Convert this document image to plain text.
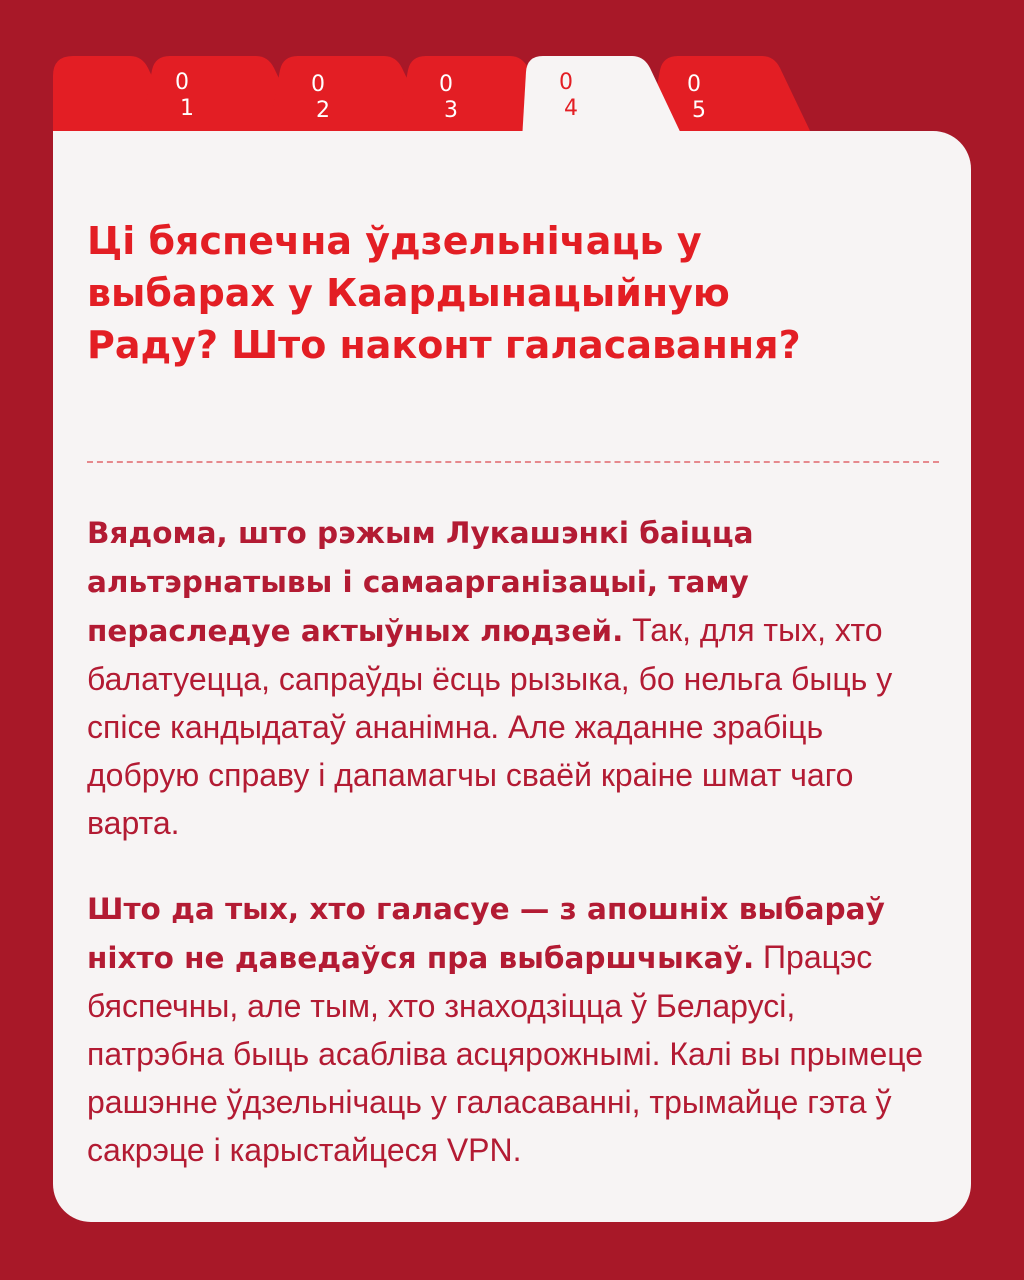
0
1
0
2
0
3
0
4
0
5
Ці бяспечна ўдзельнічаць у выбарах у Каардынацыйную Раду? Што наконт галасавання?

Вядома, што рэжым Лукашэнкі баіцца альтэрнатывы і самаарганізацыі, таму пераследуе актыўных людзей. Так, для тых, хто балатуецца, сапраўды ёсць рызыка, бо нельга быць у спісе кандыдатаў ананімна. Але жаданне зрабіць добрую справу і дапамагчы сваёй краіне шмат чаго варта.

Што да тых, хто галасуе — з апошніх выбараў ніхто не даведаўся пра выбаршчыкаў. Працэс бяспечны, але тым, хто знаходзіцца ў Беларусі, патрэбна быць асабліва асцярожнымі. Калі вы прымеце рашэнне ўдзельнічаць у галасаванні, трымайце гэта ў сакрэце і карыстайцеся VPN.
